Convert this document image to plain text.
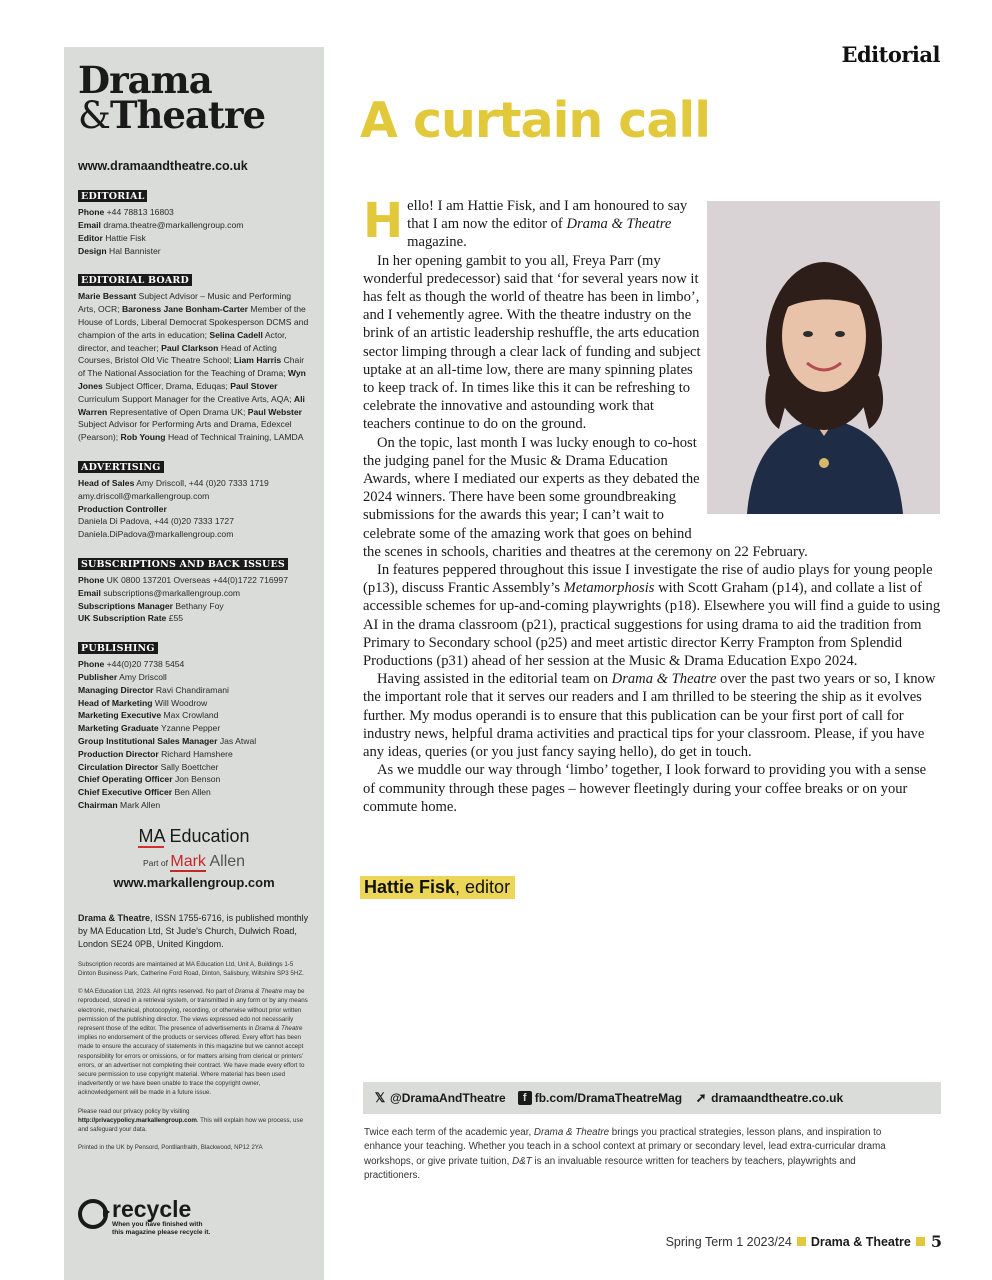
Drama
&Theatre
www.dramaandtheatre.co.uk
EDITORIAL
Phone +44 78813 16803
Email drama.theatre@markallengroup.com
Editor Hattie Fisk
Design Hal Bannister
EDITORIAL BOARD

Marie Bessant Subject Advisor – Music and Performing Arts, OCR; Baroness Jane Bonham-Carter Member of the House of Lords, Liberal Democrat Spokesperson DCMS and champion of the arts in education; Selina Cadell Actor, director, and teacher; Paul Clarkson Head of Acting Courses, Bristol Old Vic Theatre School; Liam Harris Chair of The National Association for the Teaching of Drama; Wyn Jones Subject Officer, Drama, Eduqas; Paul Stover Curriculum Support Manager for the Creative Arts, AQA; Ali Warren Representative of Open Drama UK; Paul Webster Subject Advisor for Performing Arts and Drama, Edexcel (Pearson); Rob Young Head of Technical Training, LAMDA

ADVERTISING
Head of Sales Amy Driscoll, +44 (0)20 7333 1719
amy.driscoll@markallengroup.com
Production Controller
Daniela Di Padova, +44 (0)20 7333 1727
Daniela.DiPadova@markallengroup.com
SUBSCRIPTIONS AND BACK ISSUES
Phone UK 0800 137201 Overseas +44(0)1722 716997
Email subscriptions@markallengroup.com
Subscriptions Manager Bethany Foy
UK Subscription Rate £55
PUBLISHING
Phone +44(0)20 7738 5454
Publisher Amy Driscoll
Managing Director Ravi Chandiramani
Head of Marketing Will Woodrow
Marketing Executive Max Crowland
Marketing Graduate Yzanne Pepper
Group Institutional Sales Manager Jas Atwal
Production Director Richard Hamshere
Circulation Director Sally Boettcher
Chief Operating Officer Jon Benson
Chief Executive Officer Ben Allen
Chairman Mark Allen
MA Education
Part of Mark Allen
www.markallengroup.com
Drama & Theatre, ISSN 1755-6716, is published monthly by MA Education Ltd, St Jude's Church, Dulwich Road, London SE24 0PB, United Kingdom.
Subscription records are maintained at MA Education Ltd, Unit A, Buildings 1-5 Dinton Business Park, Catherine Ford Road, Dinton, Salisbury, Wiltshire SP3 5HZ.
© MA Education Ltd, 2023. All rights reserved. No part of Drama & Theatre may be reproduced, stored in a retrieval system, or transmitted in any form or by any means electronic, mechanical, photocopying, recording, or otherwise without prior written permission of the publishing director. The views expressed edo not necessarily represent those of the editor. The presence of advertisements in Drama & Theatre implies no endorsement of the products or services offered. Every effort has been made to ensure the accuracy of statements in this magazine but we cannot accept responsibility for errors or omissions, or for matters arising from clerical or printers' errors, or an advertiser not completing their contract. We have made every effort to secure permission to use copyright material. Where material has been used inadvertently or we have been unable to trace the copyright owner, acknowledgement will be made in a future issue.
Please read our privacy policy by visiting http://privacypolicy.markallengroup.com. This will explain how we process, use and safeguard your data.
Printed in the UK by Pensord, Pontllanfraith, Blackwood, NP12 2YA
recycle
When you have finished with
this magazine please recycle it.
Editorial
A curtain call

Hello! I am Hattie Fisk, and I am honoured to say that I am now the editor of Drama & Theatre magazine.

In her opening gambit to you all, Freya Parr (my wonderful predecessor) said that ‘for several years now it has felt as though the world of theatre has been in limbo’, and I vehemently agree. With the theatre industry on the brink of an artistic leadership reshuffle, the arts education sector limping through a clear lack of funding and subject uptake at an all-time low, there are many spinning plates to keep track of. In times like this it can be refreshing to celebrate the innovative and astounding work that teachers continue to do on the ground.

On the topic, last month I was lucky enough to co-host the judging panel for the Music & Drama Education Awards, where I mediated our experts as they debated the 2024 winners. There have been some groundbreaking submissions for the awards this year; I can’t wait to celebrate some of the amazing work that goes on behind the scenes in schools, charities and theatres at the ceremony on 22 February.

In features peppered throughout this issue I investigate the rise of audio plays for young people (p13), discuss Frantic Assembly’s Metamorphosis with Scott Graham (p14), and collate a list of accessible schemes for up-and-coming playwrights (p18). Elsewhere you will find a guide to using AI in the drama classroom (p21), practical suggestions for using drama to aid the tradition from Primary to Secondary school (p25) and meet artistic director Kerry Frampton from Splendid Productions (p31) ahead of her session at the Music & Drama Education Expo 2024.

Having assisted in the editorial team on Drama & Theatre over the past two years or so, I know the important role that it serves our readers and I am thrilled to be steering the ship as it evolves further. My modus operandi is to ensure that this publication can be your first port of call for industry news, helpful drama activities and practical tips for your classroom. Please, if you have any ideas, queries (or you just fancy saying hello), do get in touch.

As we muddle our way through ‘limbo’ together, I look forward to providing you with a sense of community through these pages – however fleetingly during your coffee breaks or on your commute home.

Hattie Fisk, editor
𝕏 @DramaAndTheatre	f fb.com/DramaTheatreMag ➚ dramaandtheatre.co.uk
Twice each term of the academic year, Drama & Theatre brings you practical strategies, lesson plans, and inspiration to enhance your teaching. Whether you teach in a school context at primary or secondary level, lead extra-curricular drama workshops, or give private tuition, D&T is an invaluable resource written for teachers by teachers, playwrights and practitioners.
Spring Term 1 2023/24 Drama & Theatre 5
